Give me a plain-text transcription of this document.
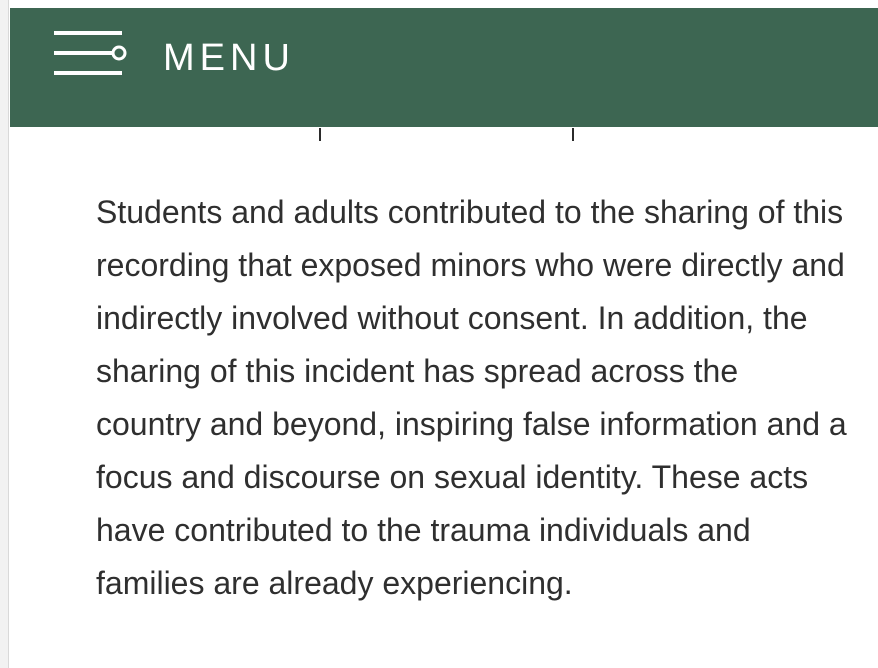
MENU

Students and adults contributed to the sharing of this recording that exposed minors who were directly and indirectly involved without consent. In addition, the sharing of this incident has spread across the country and beyond, inspiring false information and a focus and discourse on sexual identity. These acts have contributed to the trauma individuals and families are already experiencing.
